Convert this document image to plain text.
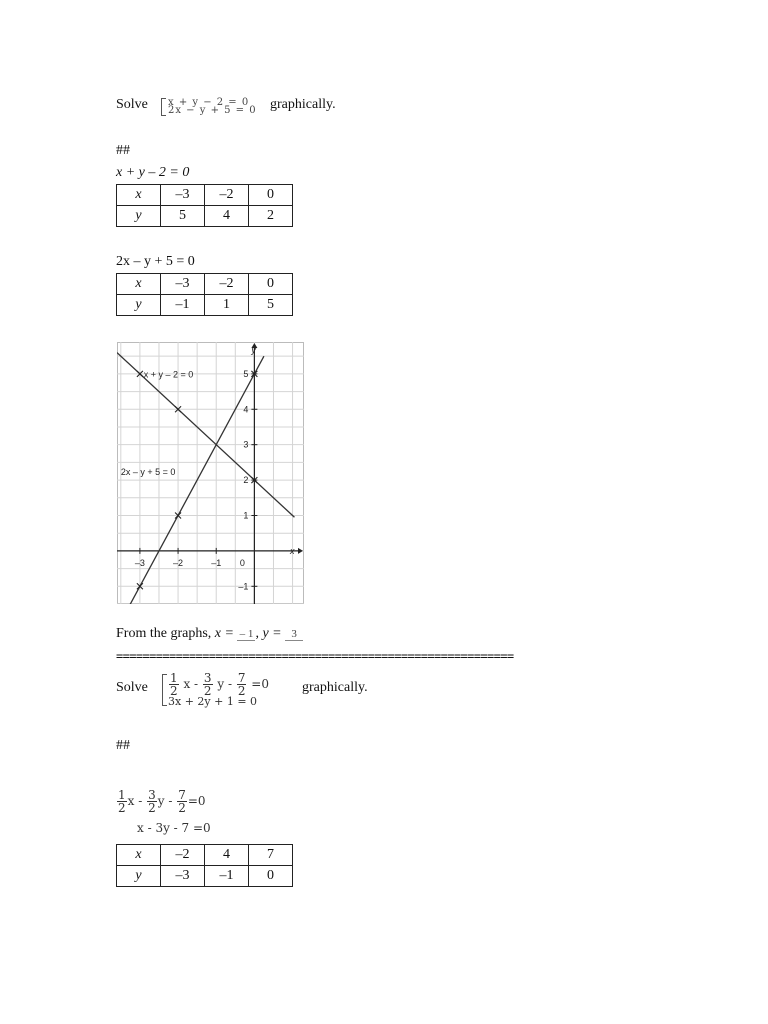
Solve x + y − 2 = 0
2x − y + 5 = 0 graphically.
##
x + y – 2 = 0
x	–3	–2	0
y	5	4	2
2x – y + 5 = 0
x	–3	–2	0
y	–1	1	5
x
y
–3	–2	–1 0
5
4
3
2
1
–1
x + y – 2 = 0
2x – y + 5 = 0
From the graphs, x = – 1 , y = 3
============================================================
Solve $\frac{1}{2}$ x - $\frac{3}{2}$ $y - \frac{7}{2} =0$
3x + 2y + 1 = 0
graphically.
##
$\frac{1}{2}$ x - $\frac{3}{2}$ $y - \frac{7}{2} =0$
x - 3y - 7 =0
x	–2	4	7
y	–3	–1	0
